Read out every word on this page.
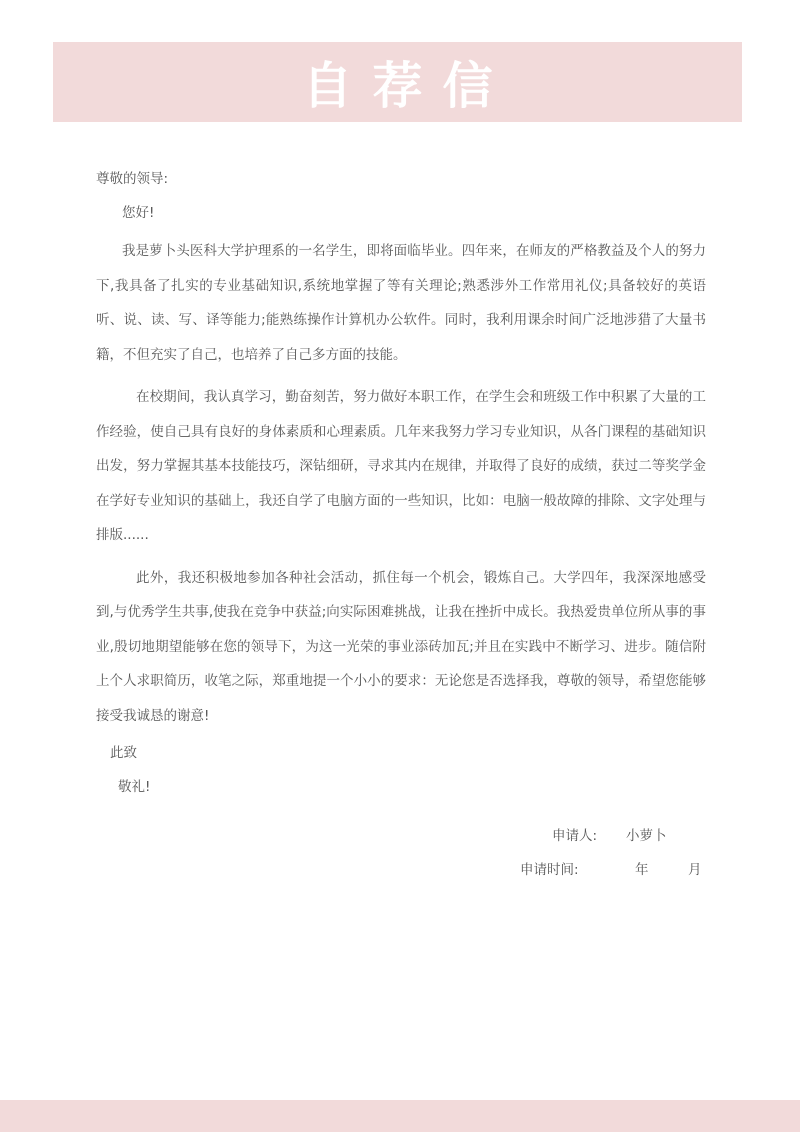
自荐信

尊敬的领导:

您好!

我是萝卜头医科大学护理系的一名学生，即将面临毕业。四年来，在师友的严格教益及个人的努力下,我具备了扎实的专业基础知识,系统地掌握了等有关理论;熟悉涉外工作常用礼仪;具备较好的英语听、说、读、写、译等能力;能熟练操作计算机办公软件。同时，我利用课余时间广泛地涉猎了大量书籍，不但充实了自己，也培养了自己多方面的技能。

在校期间，我认真学习，勤奋刻苦，努力做好本职工作，在学生会和班级工作中积累了大量的工作经验，使自己具有良好的身体素质和心理素质。几年来我努力学习专业知识，从各门课程的基础知识出发，努力掌握其基本技能技巧，深钻细研，寻求其内在规律，并取得了良好的成绩，获过二等奖学金在学好专业知识的基础上，我还自学了电脑方面的一些知识，比如：电脑一般故障的排除、文字处理与排版......

此外，我还积极地参加各种社会活动，抓住每一个机会，锻炼自己。大学四年，我深深地感受到,与优秀学生共事,使我在竞争中获益;向实际困难挑战，让我在挫折中成长。我热爱贵单位所从事的事业,殷切地期望能够在您的领导下，为这一光荣的事业添砖加瓦;并且在实践中不断学习、进步。随信附上个人求职简历，收笔之际，郑重地提一个小小的要求：无论您是否选择我，尊敬的领导，希望您能够接受我诚恳的谢意!

此致

敬礼!

申请人: 小萝卜
申请时间:	年	月
